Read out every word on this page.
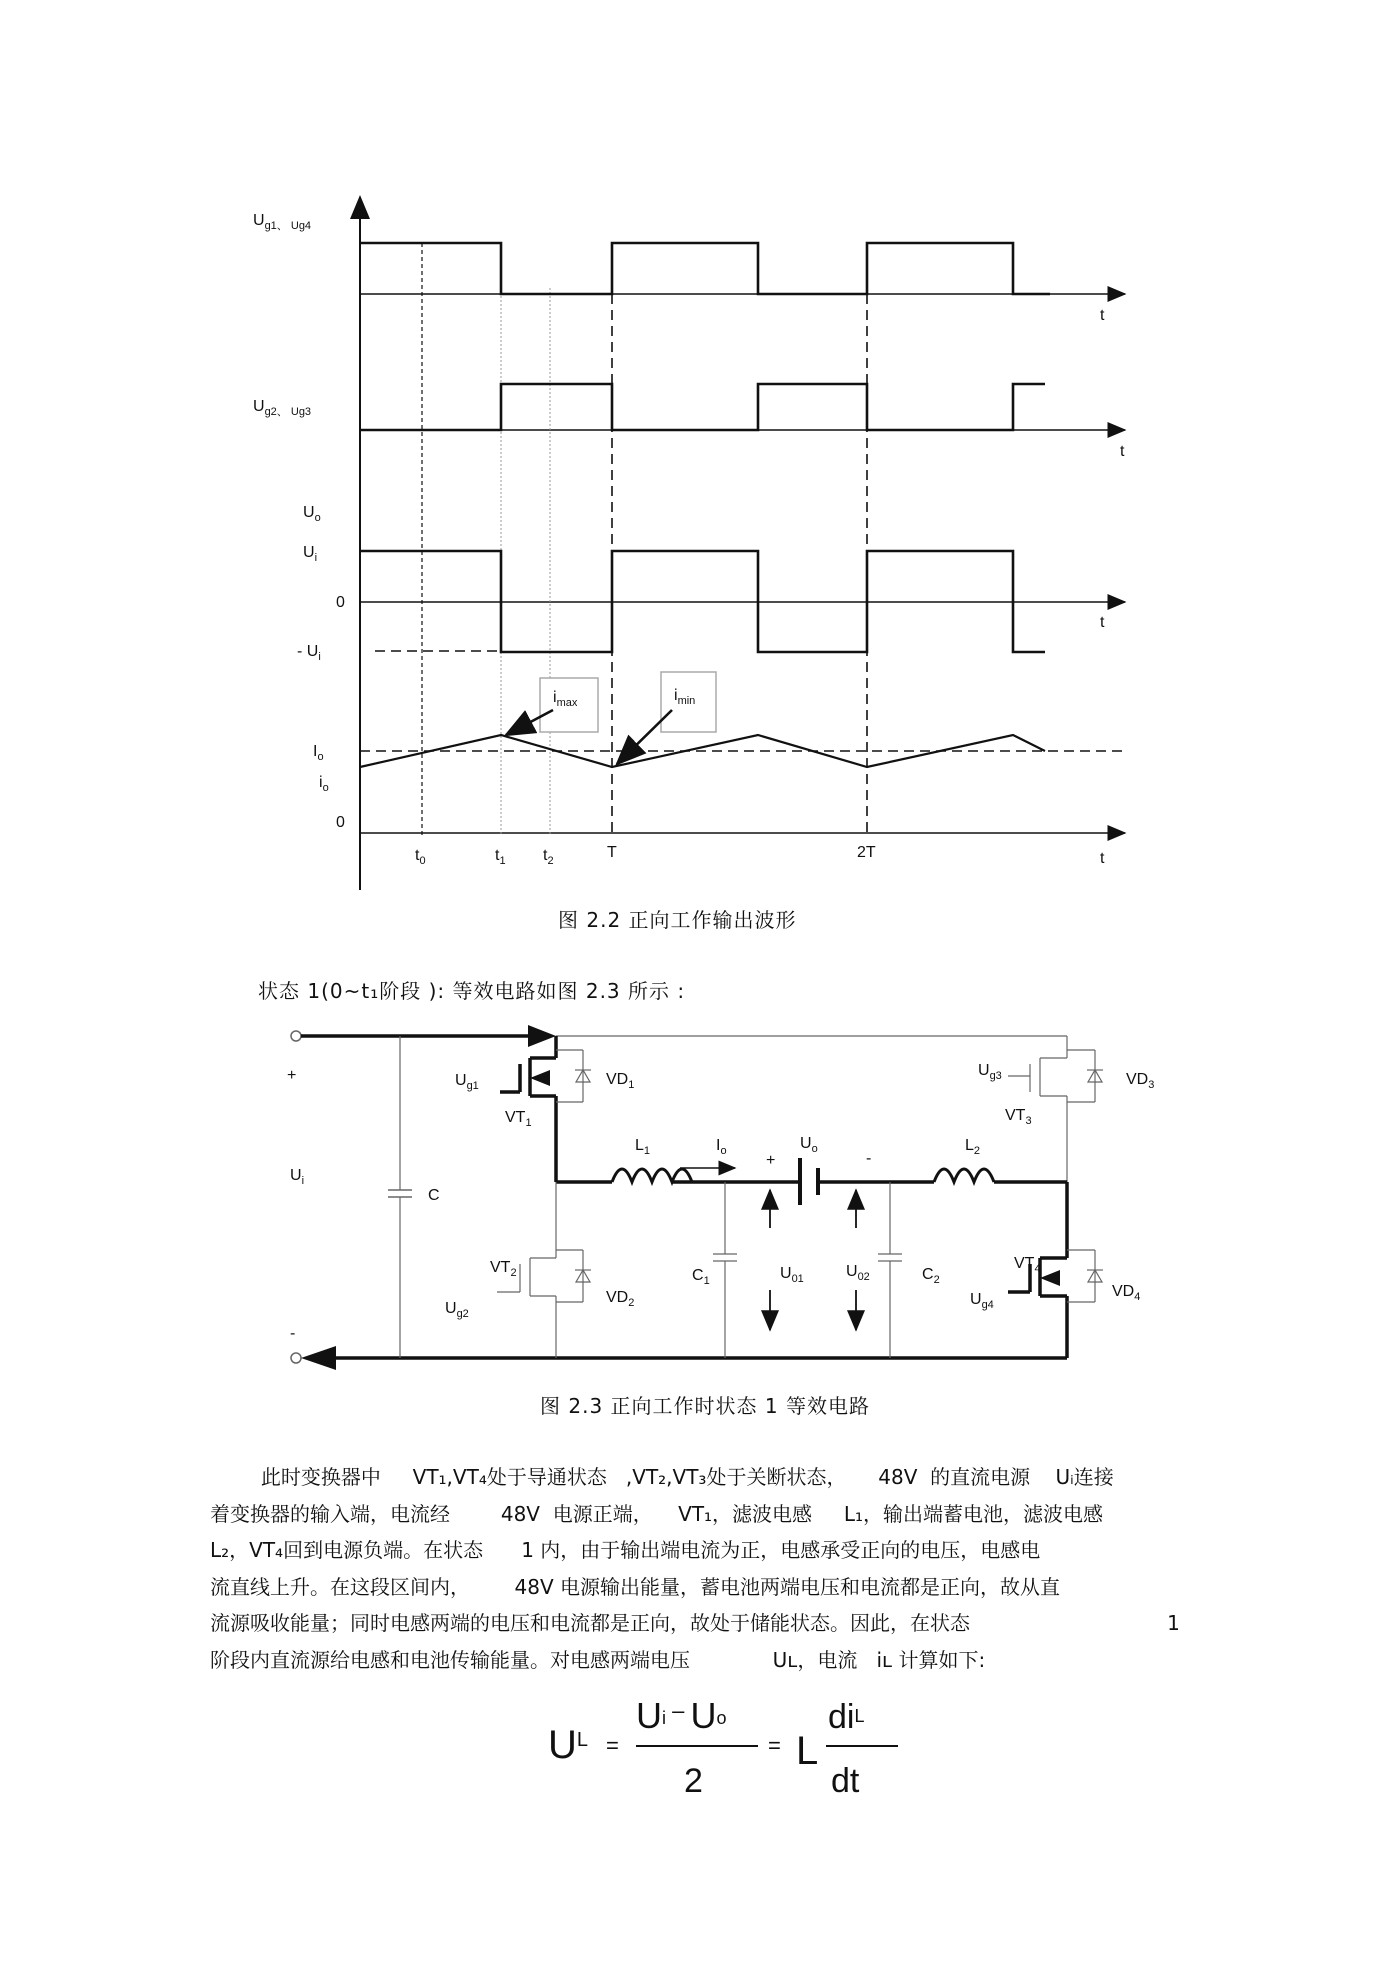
$U_{g1、 U}g4$
$U_{g2、 U}g3$
$U_o$
$U_i$
0
- $U_i$
$I_o$
$i_o$
0
t
t
t
t
$t_0$	$t_1$ $t_2$	T	2T
$i_{max}$	$i_{min}$
图 2.2 正向工作输出波形
状态 1(0~t₁阶段 ): 等效电路如图 2.3 所示 :
+
-
$U_i$
C
$U_{g1}$	$VD_1$
$VT_1$
$U_{g3}$	$VD_3$
$VT_3$
$L_1$	$I_o$
+
$U_o$
-
$L_2$
$VT_2$
$U_{g2}$
$VD_2$
$C_1$	$U_{01}$	$U_{02}$	$C_2$
$VT_4$
$U_{g4}$
$VD_4$
图 2.3 正向工作时状态 1 等效电路
此时变换器中     VT₁,VT₄处于导通状态   ,VT₂,VT₃处于关断状态，     48V  的直流电源    Uᵢ连接
着变换器的输入端，电流经        48V  电源正端，    VT₁，滤波电感     L₁，输出端蓄电池，滤波电感
L₂，VT₄回到电源负端。在状态      1 内，由于输出端电流为正，电感承受正向的电压，电感电
流直线上升。在这段区间内，       48V 电源输出能量，蓄电池两端电压和电流都是正向，故从直
流源吸收能量；同时电感两端的电压和电流都是正向，故处于储能状态。因此，在状态                               1
阶段内直流源给电感和电池传输能量。对电感两端电压             Uʟ，电流   iʟ 计算如下:
$U^L$ =
Ui – Uo
2
= L
diL
dt
